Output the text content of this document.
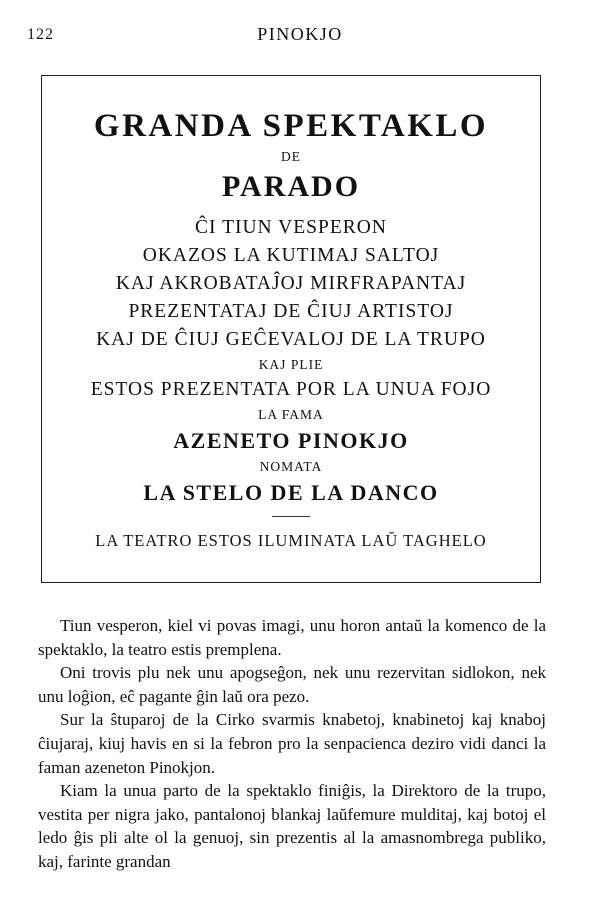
122	PINOKJO
GRANDA SPEKTAKLO
DE
PARADO
ĈI TIUN VESPERON
OKAZOS LA KUTIMAJ SALTOJ
KAJ AKROBATAĴOJ MIRFRAPANTAJ
PREZENTATAJ DE ĈIUJ ARTISTOJ
KAJ DE ĈIUJ GEĈEVALOJ DE LA TRUPO
KAJ PLIE
ESTOS PREZENTATA POR LA UNUA FOJO
LA FAMA
AZENETO PINOKJO
NOMATA
LA STELO DE LA DANCO
LA TEATRO ESTOS ILUMINATA LAŬ TAGHELO

Tiun vesperon, kiel vi povas imagi, unu horon antaŭ la komenco de la spektaklo, la teatro estis premplena.

Oni trovis plu nek unu apogseĝon, nek unu rezervitan sidlokon, nek unu loĝion, eĉ pagante ĝin laŭ ora pezo.

Sur la ŝtuparoj de la Cirko svarmis knabetoj, knabinetoj kaj knaboj ĉiujaraj, kiuj havis en si la febron pro la senpacienca deziro vidi danci la faman azeneton Pinokjon.

Kiam la unua parto de la spektaklo finiĝis, la Direktoro de la trupo, vestita per nigra jako, pantalonoj blankaj laŭfemure mulditaj, kaj botoj el ledo ĝis pli alte ol la genuoj, sin prezentis al la amasnombrega publiko, kaj, farinte grandan
